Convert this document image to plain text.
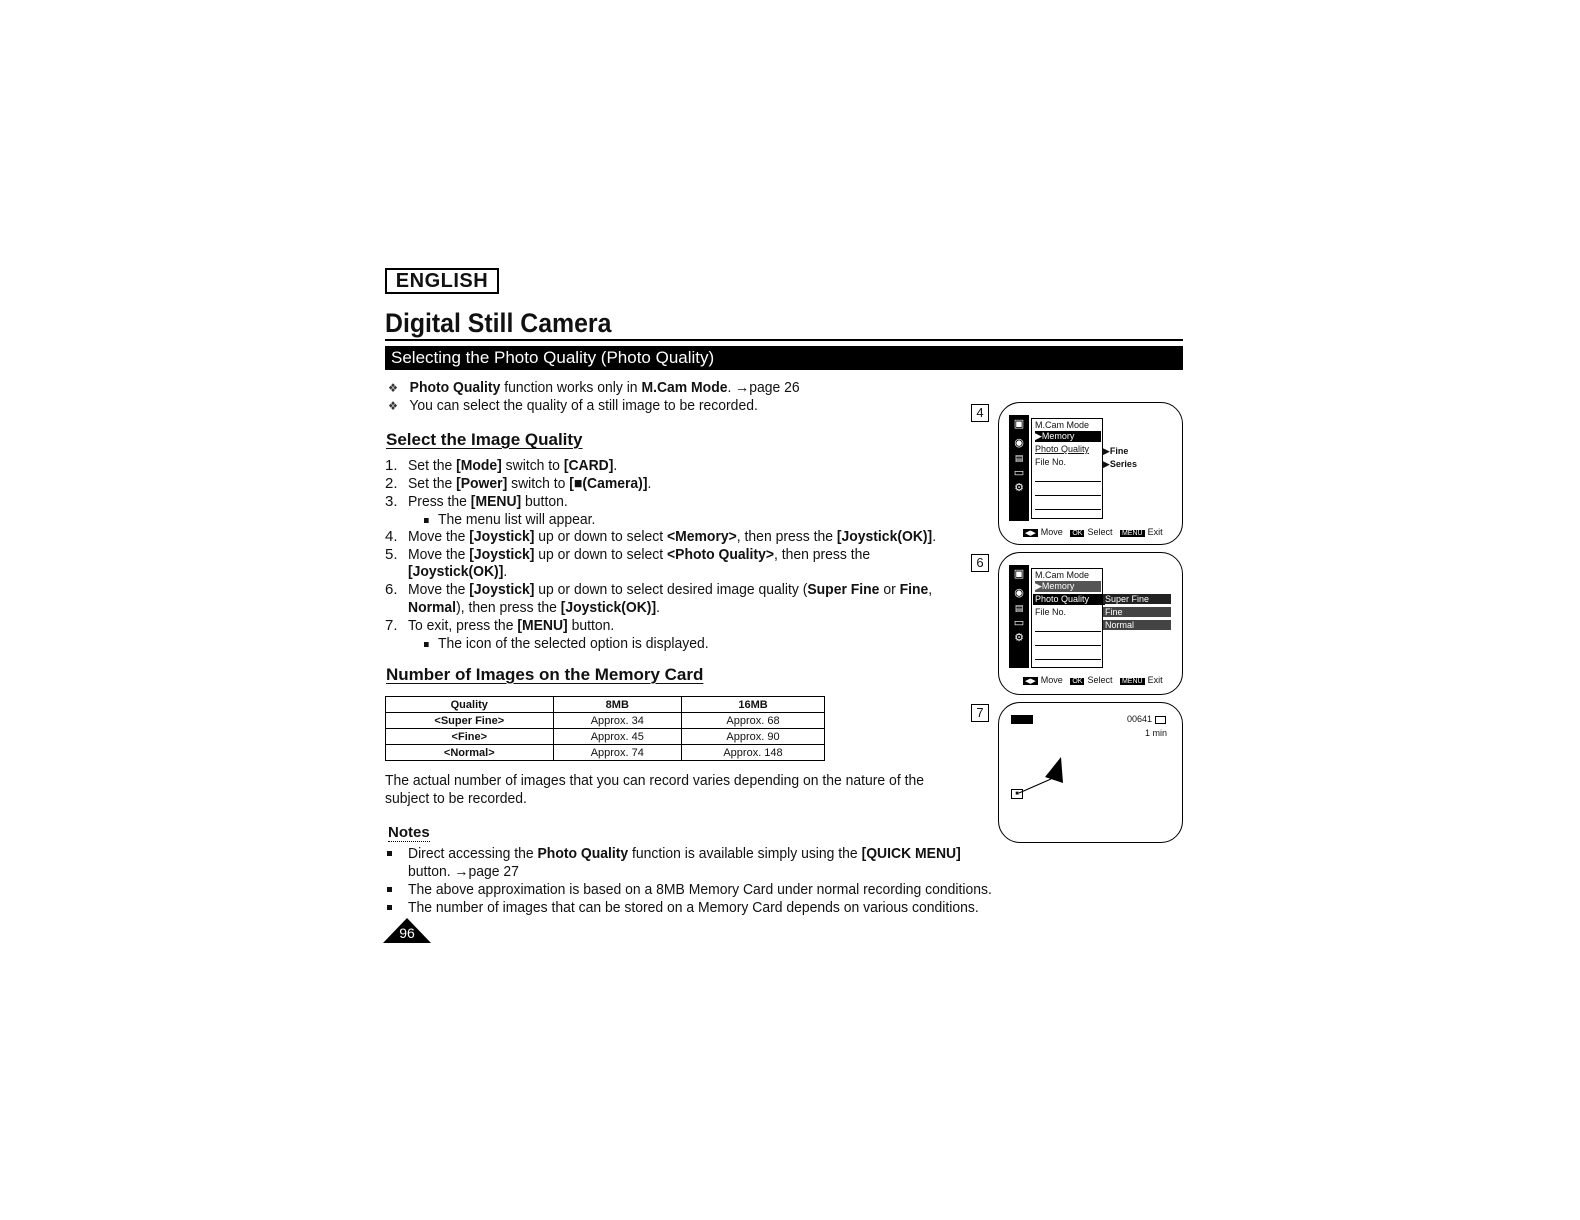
ENGLISH
Digital Still Camera
Selecting the Photo Quality (Photo Quality)
❖ Photo Quality function works only in M.Cam Mode. →page 26
❖ You can select the quality of a still image to be recorded.
Select the Image Quality
1. Set the [Mode] switch to [CARD].
2. Set the [Power] switch to [■(Camera)].
3. Press the [MENU] button.
4. Move the [Joystick] up or down to select <Memory>, then press the [Joystick(OK)].
5. Move the [Joystick] up or down to select <Photo Quality>, then press the
[Joystick(OK)].
6. Move the [Joystick] up or down to select desired image quality (Super Fine or Fine,
Normal), then press the [Joystick(OK)].
7. To exit, press the [MENU] button.
The menu list will appear.
The icon of the selected option is displayed.
Number of Images on the Memory Card
Quality	8MB	16MB
<Super Fine>	Approx. 34	Approx. 68
<Fine>	Approx. 45	Approx. 90
<Normal>	Approx. 74	Approx. 148
The actual number of images that you can record varies depending on the nature of the
subject to be recorded.
Notes
Direct accessing the Photo Quality function is available simply using the [QUICK MENU]
button. →page 27
The above approximation is based on a 8MB Memory Card under normal recording conditions.
The number of images that can be stored on a Memory Card depends on various conditions.
96
4
▣
◉
▤
▭
⚙
M.Cam Mode
▶Memory
Photo Quality
File No.
▶Fine
▶Series
◀▶ Move OK Select MENU Exit
6
▣
◉
▤
▭
⚙
M.Cam Mode
▶Memory
Photo Quality
File No.
Super Fine
Fine
Normal
◀▶ Move OK Select MENU Exit
7	00641
1 min
■
